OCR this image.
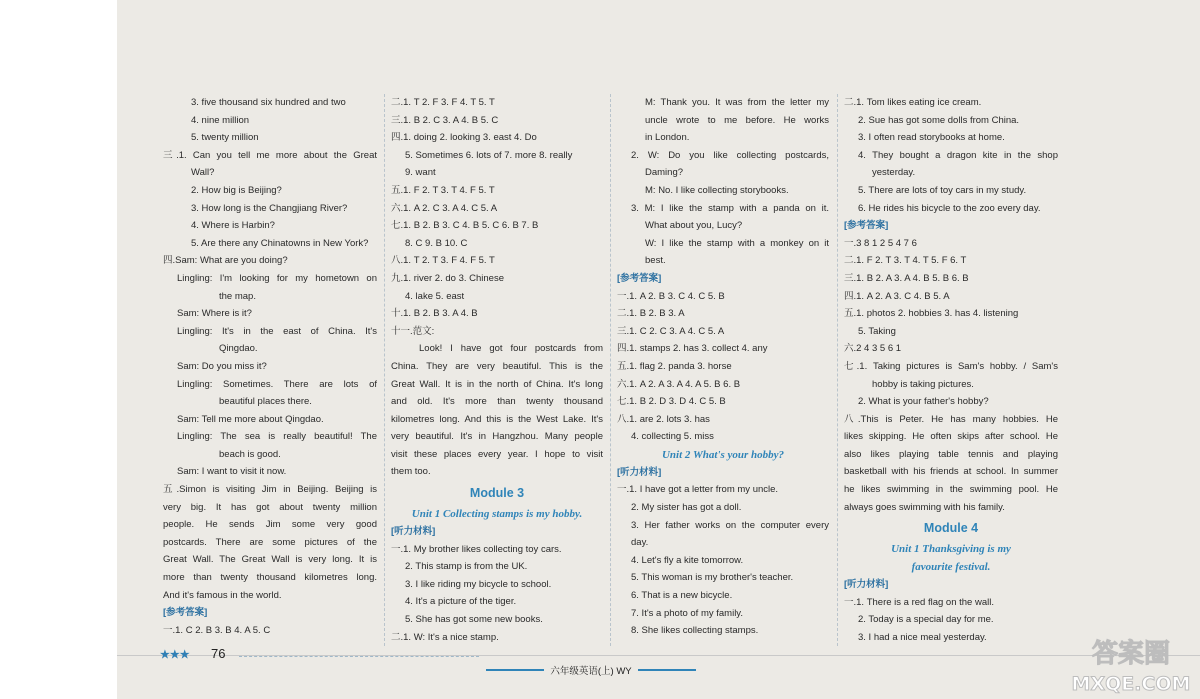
3. five thousand six hundred and two
4. nine million
5. twenty million
三.1. Can you tell me more about the Great
Wall?
2. How big is Beijing?
3. How long is the Changjiang River?
4. Where is Harbin?
5. Are there any Chinatowns in New York?
四.Sam: What are you doing?
Lingling: I'm looking for my hometown on
the map.
Sam: Where is it?
Lingling: It's in the east of China. It's
Qingdao.
Sam: Do you miss it?
Lingling: Sometimes. There are lots of
beautiful places there.
Sam: Tell me more about Qingdao.
Lingling: The sea is really beautiful! The
beach is good.
Sam: I want to visit it now.
五.Simon is visiting Jim in Beijing. Beijing is
very big. It has got about twenty million
people. He sends Jim some very good
postcards. There are some pictures of the
Great Wall. The Great Wall is very long. It is
more than twenty thousand kilometres long.
And it's famous in the world.
[参考答案]
一.1. C 2. B 3. B 4. A 5. C
二.1. T 2. F 3. F 4. T 5. T
三.1. B 2. C 3. A 4. B 5. C
四.1. doing 2. looking 3. east 4. Do
5. Sometimes 6. lots of 7. more 8. really
9. want
五.1. F 2. T 3. T 4. F 5. T
六.1. A 2. C 3. A 4. C 5. A
七.1. B 2. B 3. C 4. B 5. C 6. B 7. B
8. C 9. B 10. C
八.1. T 2. T 3. F 4. F 5. T
九.1. river 2. do 3. Chinese
4. lake 5. east
十.1. B 2. B 3. A 4. B
十一.范文:
Look! I have got four postcards from
China. They are very beautiful. This is the
Great Wall. It is in the north of China. It's long
and old. It's more than twenty thousand
kilometres long. And this is the West Lake. It's
very beautiful. It's in Hangzhou. Many people
visit these places every year. I hope to visit
them too.
Module 3
Unit 1 Collecting stamps is my hobby.
[听力材料]
一.1. My brother likes collecting toy cars.
2. This stamp is from the UK.
3. I like riding my bicycle to school.
4. It's a picture of the tiger.
5. She has got some new books.
二.1. W: It's a nice stamp.
M: Thank you. It was from the letter my
uncle wrote to me before. He works
in London.
2. W: Do you like collecting postcards,
Daming?
M: No. I like collecting storybooks.
3. M: I like the stamp with a panda on it.
What about you, Lucy?
W: I like the stamp with a monkey on it
best.
[参考答案]
一.1. A 2. B 3. C 4. C 5. B
二.1. B 2. B 3. A
三.1. C 2. C 3. A 4. C 5. A
四.1. stamps 2. has 3. collect 4. any
五.1. flag 2. panda 3. horse
六.1. A 2. A 3. A 4. A 5. B 6. B
七.1. B 2. D 3. D 4. C 5. B
八.1. are 2. lots 3. has
4. collecting 5. miss
Unit 2 What's your hobby?
[听力材料]
一.1. I have got a letter from my uncle.
2. My sister has got a doll.
3. Her father works on the computer every
day.
4. Let's fly a kite tomorrow.
5. This woman is my brother's teacher.
6. That is a new bicycle.
7. It's a photo of my family.
8. She likes collecting stamps.
二.1. Tom likes eating ice cream.
2. Sue has got some dolls from China.
3. I often read storybooks at home.
4. They bought a dragon kite in the shop
yesterday.
5. There are lots of toy cars in my study.
6. He rides his bicycle to the zoo every day.
[参考答案]
一.3 8 1 2 5 4 7 6
二.1. F 2. T 3. T 4. T 5. F 6. T
三.1. B 2. A 3. A 4. B 5. B 6. B
四.1. A 2. A 3. C 4. B 5. A
五.1. photos 2. hobbies 3. has 4. listening
5. Taking
六.2 4 3 5 6 1
七.1. Taking pictures is Sam's hobby. / Sam's
hobby is taking pictures.
2. What is your father's hobby?
八.This is Peter. He has many hobbies. He
likes skipping. He often skips after school. He
also likes playing table tennis and playing
basketball with his friends at school. In summer
he likes swimming in the swimming pool. He
always goes swimming with his family.
Module 4
Unit 1 Thanksgiving is my
favourite festival.
[听力材料]
一.1. There is a red flag on the wall.
2. Today is a special day for me.
3. I had a nice meal yesterday.
★★★ 76
六年级英语(上) WY
答案圈
MXQE.COM
